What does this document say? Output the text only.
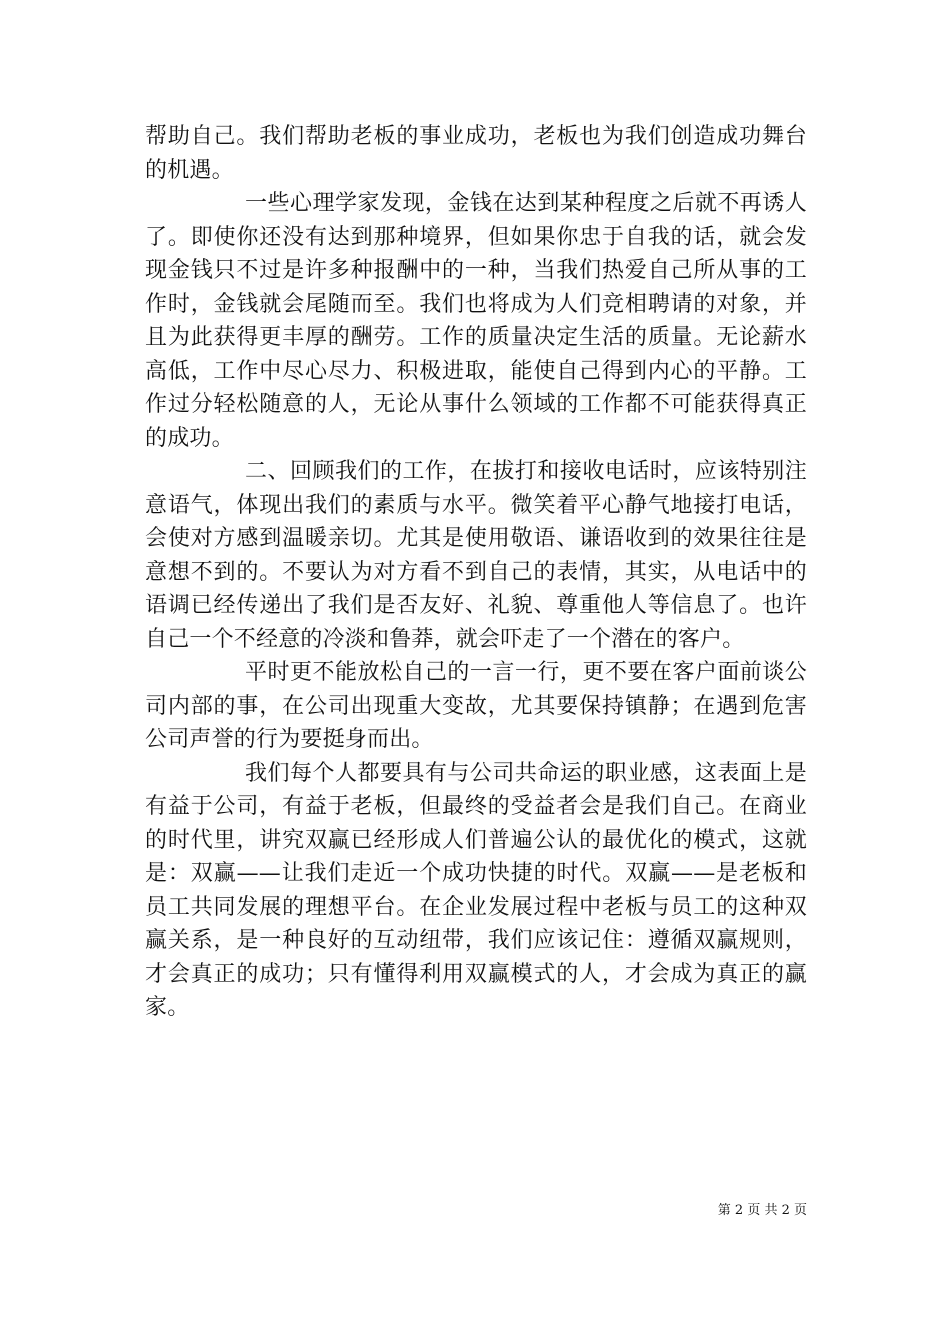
帮助自己。我们帮助老板的事业成功，老板也为我们创造成功舞台的机遇。

一些心理学家发现，金钱在达到某种程度之后就不再诱人了。即使你还没有达到那种境界，但如果你忠于自我的话，就会发现金钱只不过是许多种报酬中的一种，当我们热爱自己所从事的工作时，金钱就会尾随而至。我们也将成为人们竞相聘请的对象，并且为此获得更丰厚的酬劳。工作的质量决定生活的质量。无论薪水高低，工作中尽心尽力、积极进取，能使自己得到内心的平静。工作过分轻松随意的人，无论从事什么领域的工作都不可能获得真正的成功。

二、回顾我们的工作，在拔打和接收电话时，应该特别注意语气，体现出我们的素质与水平。微笑着平心静气地接打电话，会使对方感到温暖亲切。尤其是使用敬语、谦语收到的效果往往是意想不到的。不要认为对方看不到自己的表情，其实，从电话中的语调已经传递出了我们是否友好、礼貌、尊重他人等信息了。也许自己一个不经意的冷淡和鲁莽，就会吓走了一个潜在的客户。

平时更不能放松自己的一言一行，更不要在客户面前谈公司内部的事，在公司出现重大变故，尤其要保持镇静；在遇到危害公司声誉的行为要挺身而出。

我们每个人都要具有与公司共命运的职业感，这表面上是有益于公司，有益于老板，但最终的受益者会是我们自己。在商业的时代里，讲究双赢已经形成人们普遍公认的最优化的模式，这就是：双赢——让我们走近一个成功快捷的时代。双赢——是老板和员工共同发展的理想平台。在企业发展过程中老板与员工的这种双赢关系，是一种良好的互动纽带，我们应该记住：遵循双赢规则，才会真正的成功；只有懂得利用双赢模式的人，才会成为真正的赢家。

第 2 页 共 2 页
